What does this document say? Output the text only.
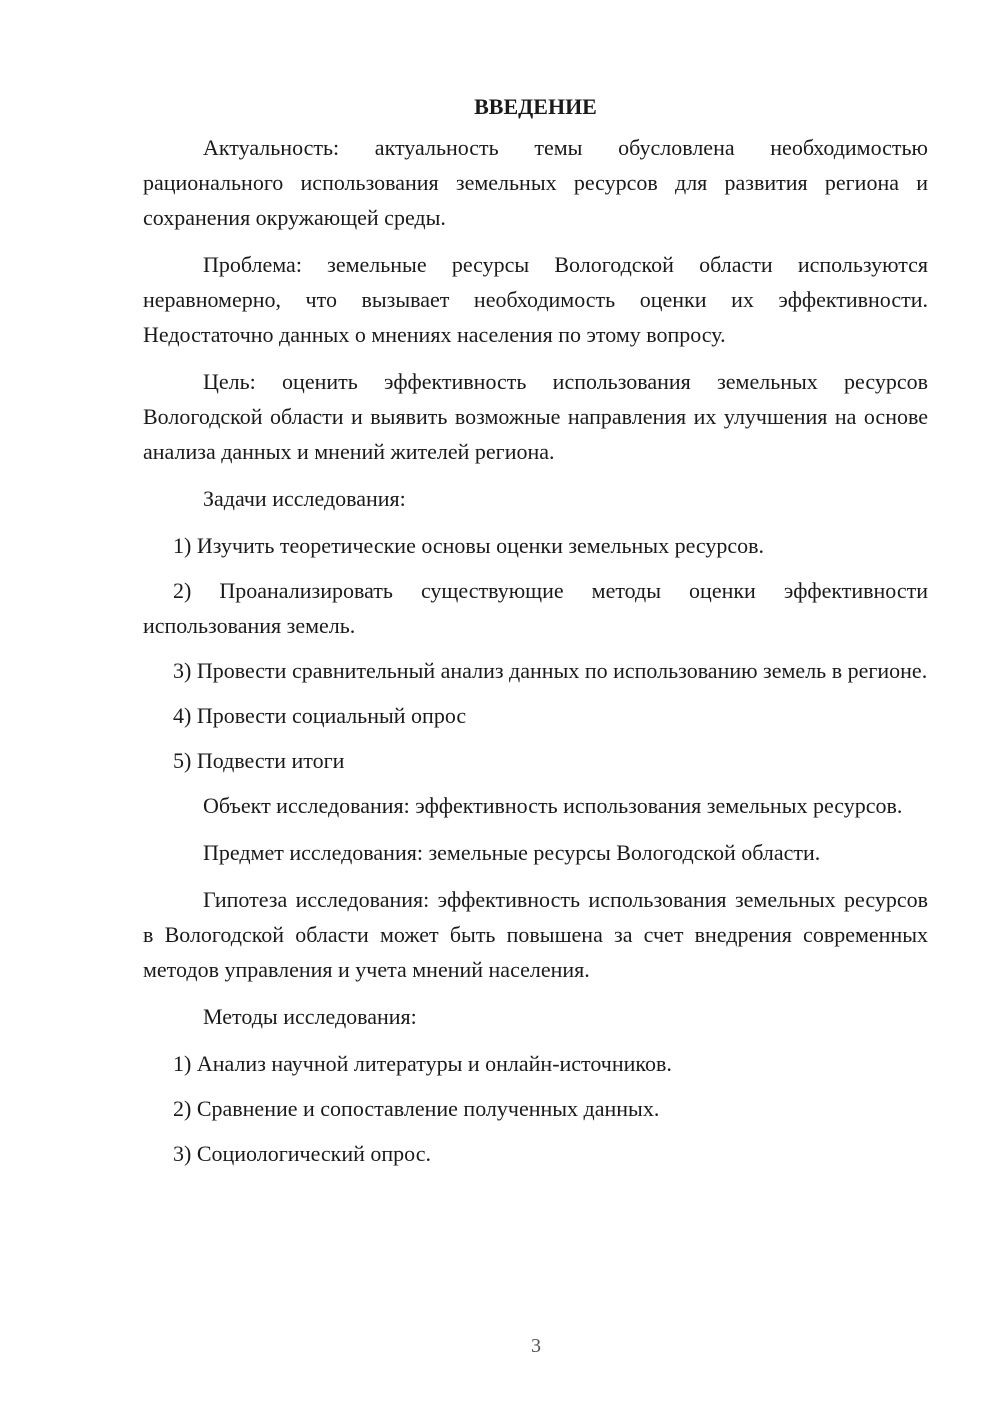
ВВЕДЕНИЕ

Актуальность: актуальность темы обусловлена необходимостью рационального использования земельных ресурсов для развития региона и сохранения окружающей среды.

Проблема: земельные ресурсы Вологодской области используются неравномерно, что вызывает необходимость оценки их эффективности. Недостаточно данных о мнениях населения по этому вопросу.

Цель: оценить эффективность использования земельных ресурсов Вологодской области и выявить возможные направления их улучшения на основе анализа данных и мнений жителей региона.

Задачи исследования:

1) Изучить теоретические основы оценки земельных ресурсов.

2) Проанализировать существующие методы оценки эффективности использования земель.

3) Провести сравнительный анализ данных по использованию земель в регионе.

4) Провести социальный опрос

5) Подвести итоги

Объект исследования: эффективность использования земельных ресурсов.

Предмет исследования: земельные ресурсы Вологодской области.

Гипотеза исследования: эффективность использования земельных ресурсов в Вологодской области может быть повышена за счет внедрения современных методов управления и учета мнений населения.

Методы исследования:

1) Анализ научной литературы и онлайн-источников.

2) Сравнение и сопоставление полученных данных.

3) Социологический опрос.

3
